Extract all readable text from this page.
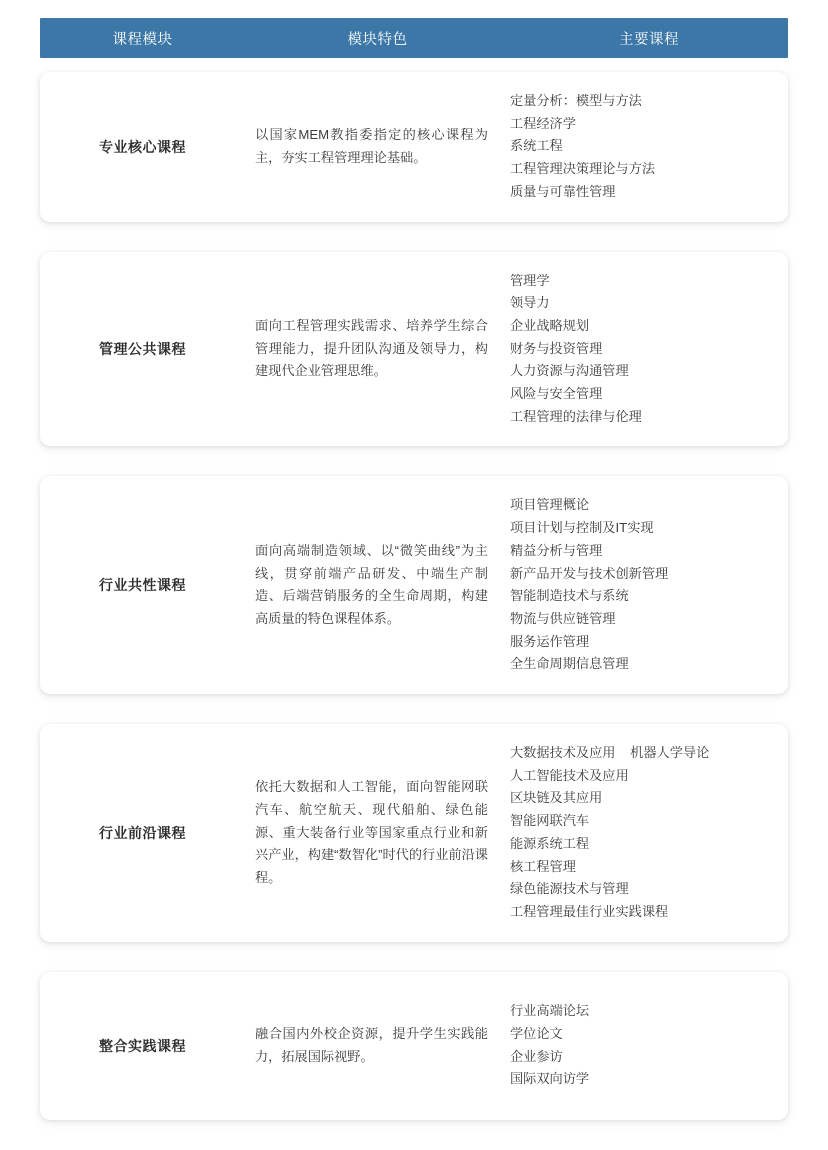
课程模块	模块特色	主要课程
专业核心课程
以国家MEM教指委指定的核心课程为主，夯实工程管理理论基础。
定量分析：模型与方法
工程经济学
系统工程
工程管理决策理论与方法
质量与可靠性管理
管理公共课程
面向工程管理实践需求、培养学生综合管理能力，提升团队沟通及领导力，构建现代企业管理思维。
管理学
领导力
企业战略规划
财务与投资管理
人力资源与沟通管理
风险与安全管理
工程管理的法律与伦理
行业共性课程
面向高端制造领域、以“微笑曲线”为主线，贯穿前端产品研发、中端生产制造、后端营销服务的全生命周期，构建高质量的特色课程体系。
项目管理概论
项目计划与控制及IT实现
精益分析与管理
新产品开发与技术创新管理
智能制造技术与系统
物流与供应链管理
服务运作管理
全生命周期信息管理
行业前沿课程
依托大数据和人工智能，面向智能网联汽车、航空航天、现代船舶、绿色能源、重大装备行业等国家重点行业和新兴产业，构建“数智化”时代的行业前沿课程。
大数据技术及应用    机器人学导论
人工智能技术及应用
区块链及其应用
智能网联汽车
能源系统工程
核工程管理
绿色能源技术与管理
工程管理最佳行业实践课程
整合实践课程
融合国内外校企资源，提升学生实践能力，拓展国际视野。
行业高端论坛
学位论文
企业参访
国际双向访学
